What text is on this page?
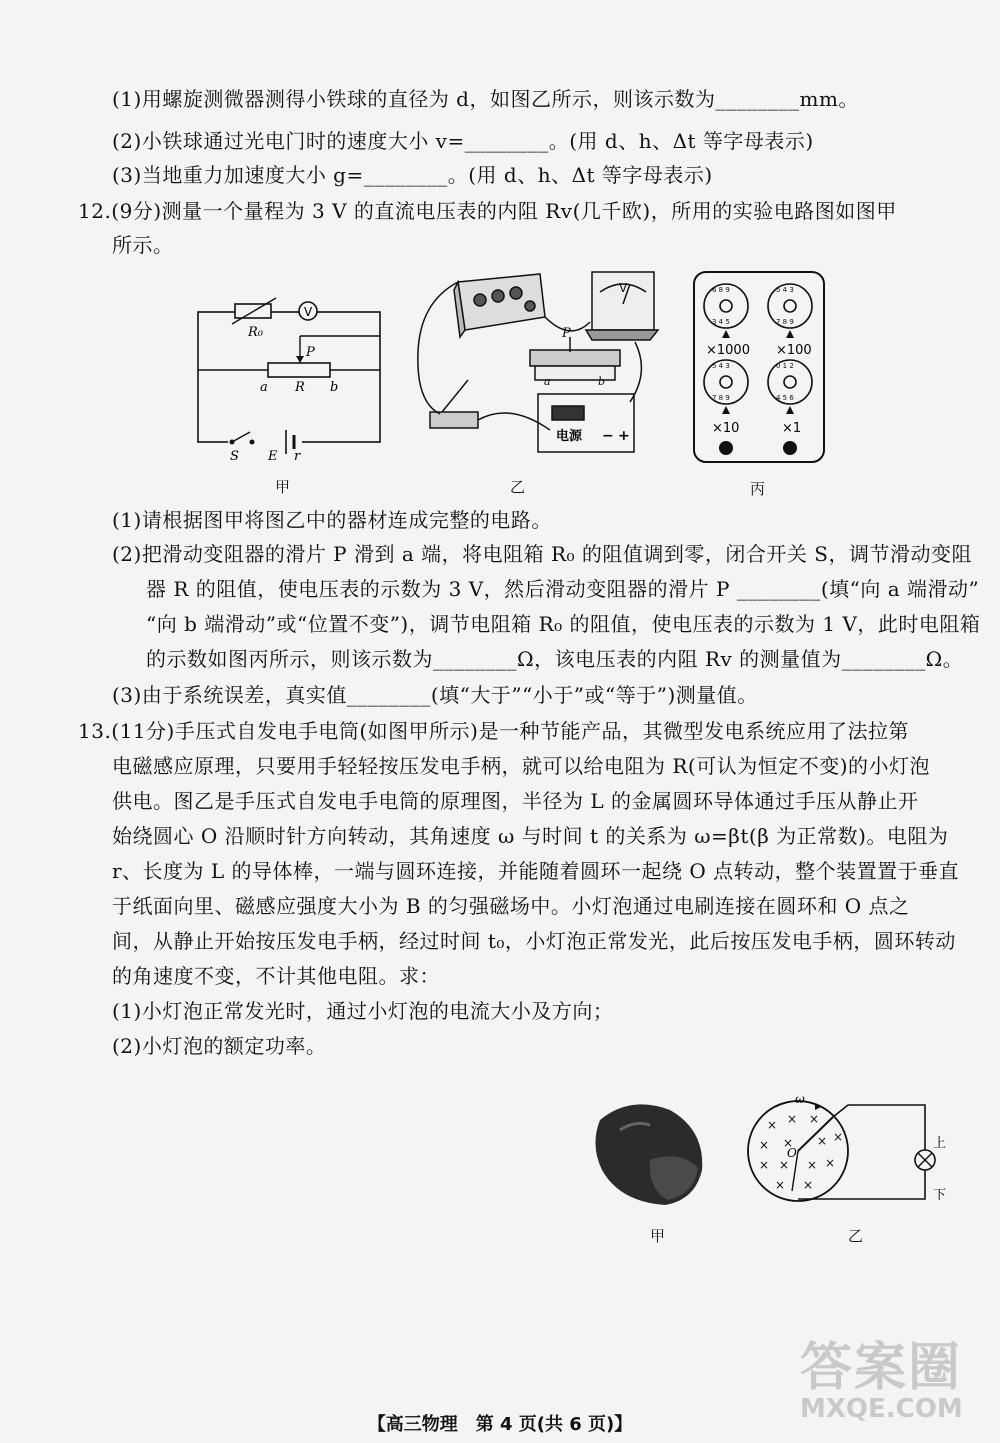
(1)用螺旋测微器测得小铁球的直径为 d，如图乙所示，则该示数为________mm。
(2)小铁球通过光电门时的速度大小 v=________。(用 d、h、Δt 等字母表示)
(3)当地重力加速度大小 g=________。(用 d、h、Δt 等字母表示)
12.(9分)测量一个量程为 3 V 的直流电压表的内阻 Rv(几千欧)，所用的实验电路图如图甲
所示。
(1)请根据图甲将图乙中的器材连成完整的电路。
(2)把滑动变阻器的滑片 P 滑到 a 端，将电阻箱 R₀ 的阻值调到零，闭合开关 S，调节滑动变阻
器 R 的阻值，使电压表的示数为 3 V，然后滑动变阻器的滑片 P ________(填“向 a 端滑动”
“向 b 端滑动”或“位置不变”)，调节电阻箱 R₀ 的阻值，使电压表的示数为 1 V，此时电阻箱
的示数如图丙所示，则该示数为________Ω，该电压表的内阻 Rv 的测量值为________Ω。
(3)由于系统误差，真实值________(填“大于”“小于”或“等于”)测量值。
13.(11分)手压式自发电手电筒(如图甲所示)是一种节能产品，其微型发电系统应用了法拉第
电磁感应原理，只要用手轻轻按压发电手柄，就可以给电阻为 R(可认为恒定不变)的小灯泡
供电。图乙是手压式自发电手电筒的原理图，半径为 L 的金属圆环导体通过手压从静止开
始绕圆心 O 沿顺时针方向转动，其角速度 ω 与时间 t 的关系为 ω=βt(β 为正常数)。电阻为
r、长度为 L 的导体棒，一端与圆环连接，并能随着圆环一起绕 O 点转动，整个装置置于垂直
于纸面向里、磁感应强度大小为 B 的匀强磁场中。小灯泡通过电刷连接在圆环和 O 点之
间，从静止开始按压发电手柄，经过时间 t₀，小灯泡正常发光，此后按压发电手柄，圆环转动
的角速度不变，不计其他电阻。求：
(1)小灯泡正常发光时，通过小灯泡的电流大小及方向；
(2)小灯泡的额定功率。
V
R₀
P
a R b
S E r
甲
V
P
a	b
电源 − +
乙
6 8 9	5 4 3
3 4 5	7 8 9
5 4 3	0 1 2
7 8 9	4 5 6
×1000 ×100
×10	×1
丙
甲
× × ×
× × × ×
× × × ×
× ×
ω
O
上
下
乙
答案圈
MXQE.COM
【高三物理　第 4 页(共 6 页)】
